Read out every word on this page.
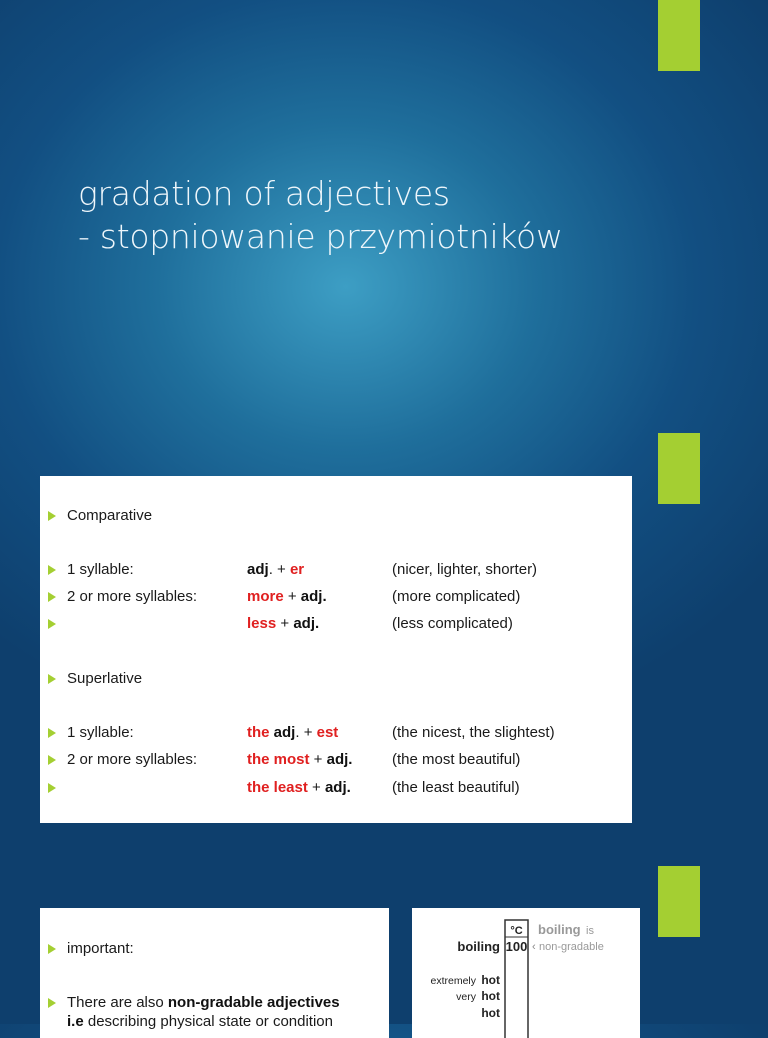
gradation of adjectives
- stopniowanie przymiotników
Comparative
1 syllable:	adj. + er	(nicer, lighter, shorter)
2 or more syllables:	more + adj.	(more complicated)
less + adj.	(less complicated)
Superlative
1 syllable:	the adj. + est	(the nicest, the slightest)
2 or more syllables:	the most + adj.	(the most beautiful)
the least + adj.	(the least beautiful)
important:
There are also non-gradable adjectives
i.e describing physical state or condition
°C
100
boiling	‹
boiling is
non-gradable
extremely hot
very hot
hot
